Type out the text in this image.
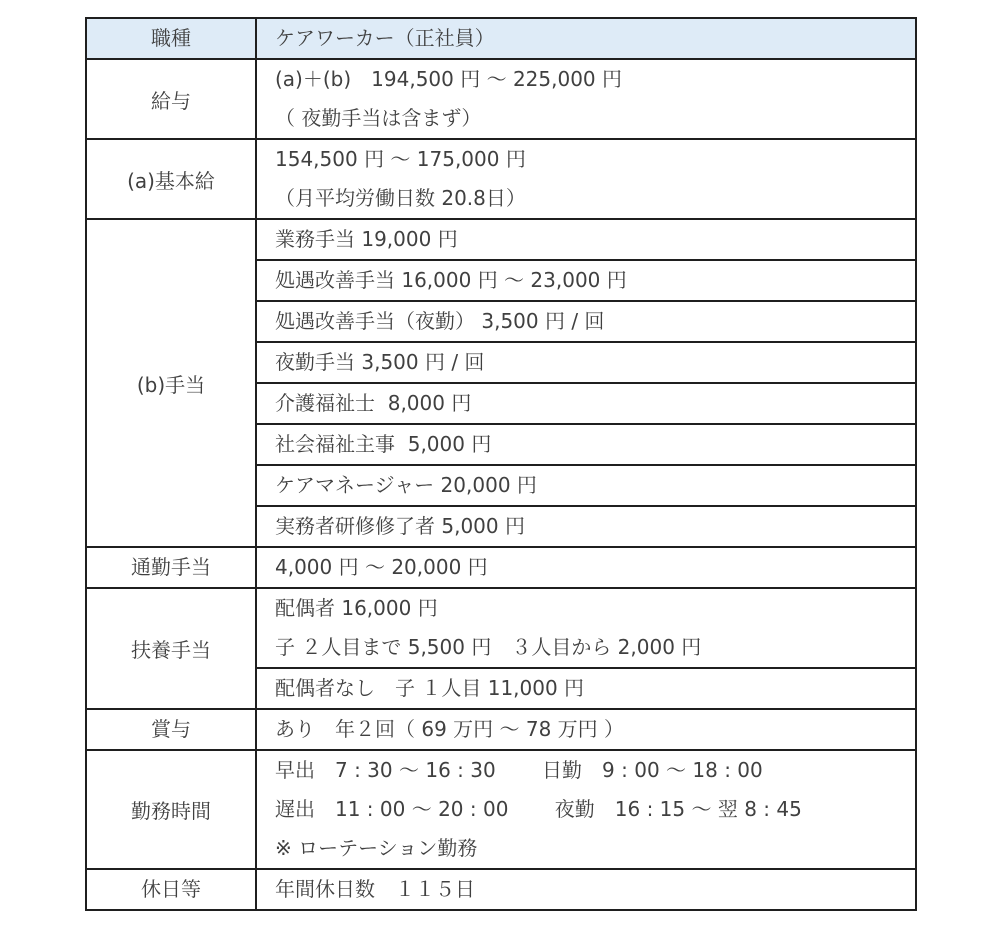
職種	ケアワーカー（正社員）

給与	(a)＋(b)　194,500 円 ～ 225,000 円
（ 夜勤手当は含まず）

(a)基本給	154,500 円 ～ 175,000 円
（月平均労働日数 20.8日）

(b)手当	業務手当 19,000 円

	処遇改善手当 16,000 円 ～ 23,000 円

	処遇改善手当（夜勤） 3,500 円 / 回

	夜勤手当 3,500 円 / 回

	介護福祉士  8,000 円

	社会福祉主事  5,000 円

	ケアマネージャー 20,000 円

	実務者研修修了者 5,000 円

通勤手当	4,000 円 ～ 20,000 円

扶養手当	配偶者 16,000 円
子 ２人目まで 5,500 円　３人目から 2,000 円

	配偶者なし　子 １人目 11,000 円

賞与	あり　年２回（ 69 万円 ～ 78 万円 ）

勤務時間	早出　7 : 30 ～ 16 : 30　　 日勤　9 : 00 ～ 18 : 00
遅出　11 : 00 ～ 20 : 00　　 夜勤　16 : 15 ～ 翌 8 : 45
※ ローテーション勤務

休日等	年間休日数　１１５日
